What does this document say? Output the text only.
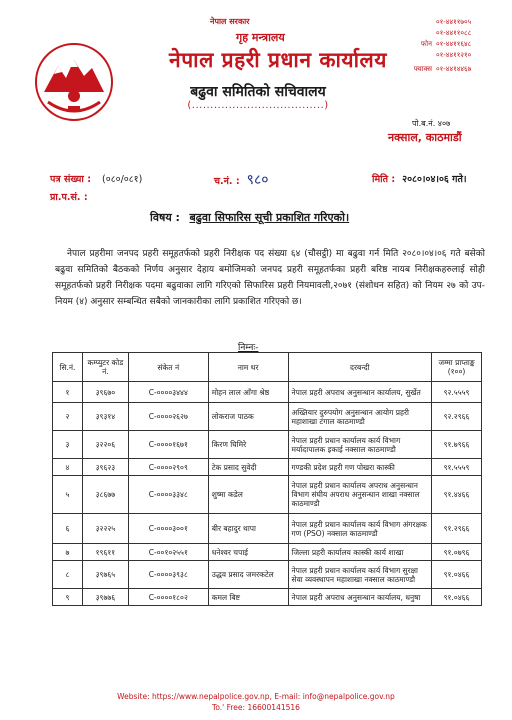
नेपाल सरकार
गृह मन्त्रालय
नेपाल प्रहरी प्रधान कार्यालय
बढुवा समितिको सचिवालय
(....................................)
०१-४४११७०५
०१-४४११०८८
फोन ०१-४४११६४८
०१-४४११२१०
फ्याक्स ०१-४४१४४६७
पो.ब.नं. ४०७
नक्साल, काठमाडौं
पत्र संख्या : (०८०/०८१)	च.नं. : ९८०	मिति : २०८०।०४।०६ गते।
प्रा.प.सं. :
विषय : बढुवा सिफारिस सूची प्रकाशित गरिएको।
नेपाल प्रहरीमा जनपद प्रहरी समूहतर्फको प्रहरी निरीक्षक पद संख्या ६४ (चौसट्ठी) मा बढुवा गर्न मिति २०८०।०४।०६ गते बसेको बढुवा समितिको बैठकको निर्णय अनुसार देहाय बमोजिमको जनपद प्रहरी समूहतर्फका प्रहरी बरिष्ठ नायब निरीक्षकहरुलाई सोही समूहतर्फको प्रहरी निरीक्षक पदमा बढुवाका लागि गरिएको सिफारिस प्रहरी नियमावली,२०७१ (संशोधन सहित) को नियम २७ को उप-नियम (४) अनुसार सम्बन्धित सबैको जानकारीका लागि प्रकाशित गरिएको छ।
निम्नः-
सि.नं.	कम्प्युटर कोड नं.	संकेत नं	नाम थर	दरबन्दी	जम्मा प्राप्ताङ्क (१००)
१	३९६७०	C-००००३४४४	मोहन लाल आँगा श्रेष्ठ	नेपाल प्रहरी अपराध अनुसन्धान कार्यालय, सुर्खेत	९२.५५५९
२	३९३१४	C-००००२६२७	लोकराज पाठक	अख्तियार दुरुपयोग अनुसन्धान आयोग प्रहरी महाशाखा टंगाल काठमाण्डौ	९२.२९६६
३	३२२०६	C-००००१६७१	किरण घिमिरे	नेपाल प्रहरी प्रधान कार्यालय कार्य विभाग मर्यादापालक इकाई नक्साल काठमाण्डौ	९१.७९६६
४	३९६२३	C-००००२९०९	टेक प्रसाद सुवेदी	गण्डकी प्रदेश प्रहरी गण पोखरा कास्की	९१.५५५९
५	३८६७७	C-००००३३४८	शुष्मा कडेल	नेपाल प्रहरी प्रधान कार्यालय अपराध अनुसन्धान विभाग संघीय अपराध अनुसन्धान शाखा नक्साल काठमाण्डौ	९१.४४६६
६	३२२२५	C-००००३००१	बीर बहादुर थापा	नेपाल प्रहरी प्रधान कार्यालय कार्य विभाग अंगरक्षक गण (PSO) नक्साल काठमाण्डौ	९१.२९६६
७	१९६११	C-००१०२५५१	धनेश्वर चपाई	जिल्ला प्रहरी कार्यालय कास्की कार्य शाखा	९१.०७९६
८	३९७६५	C-००००३९३८	उद्धव प्रसाद जमरकटेल	नेपाल प्रहरी प्रधान कार्यालय कार्य विभाग सुरक्षा सेवा व्यवस्थापन महाशाखा नक्साल काठमाण्डौ	९१.०४६६
९	३९७७६	C-००००१८०२	कमल बिष्ट	नेपाल प्रहरी अपराध अनुसन्धान कार्यालय, धनुषा	९१.०४६६
Website: https://www.nepalpolice.gov.np, E-mail: info@nepalpolice.gov.np
To.' Free: 16600141516
